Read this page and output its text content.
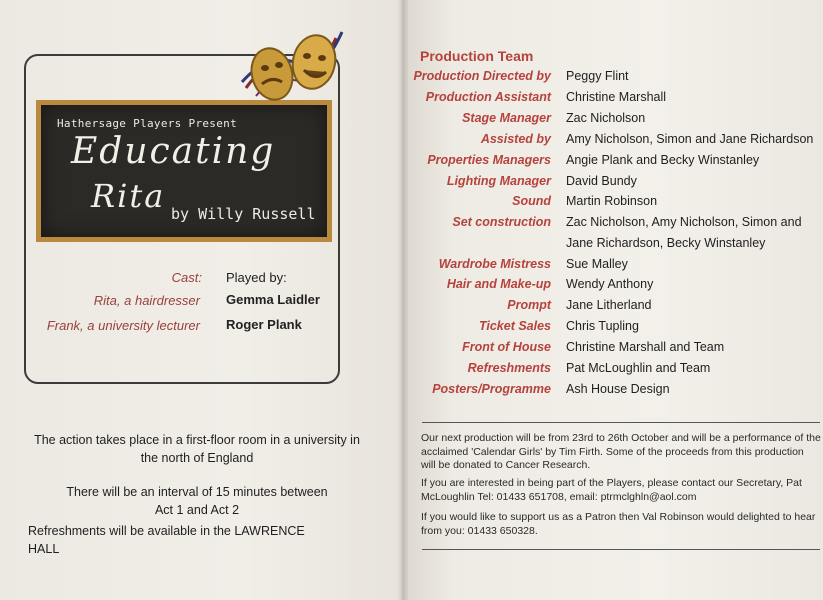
Hathersage Players Present
Educating
Rita by Willy Russell
Cast: Played by:
Rita, a hairdresser Gemma Laidler
Frank, a university lecturer Roger Plank
The action takes place in a first-floor room in a university in
the north of England
There will be an interval of 15 minutes between
Act 1 and Act 2
Refreshments will be available in the LAWRENCE HALL
Production Team
Production Directed by Peggy Flint
Production Assistant Christine Marshall
Stage Manager Zac Nicholson
Assisted by Amy Nicholson, Simon and Jane Richardson
Properties Managers Angie Plank and Becky Winstanley
Lighting Manager David Bundy
Sound Martin Robinson
Set construction Zac Nicholson, Amy Nicholson, Simon and Jane Richardson, Becky Winstanley
Wardrobe Mistress Sue Malley
Hair and Make-up Wendy Anthony
Prompt Jane Litherland
Ticket Sales Chris Tupling
Front of House Christine Marshall and Team
Refreshments Pat McLoughlin and Team
Posters/Programme Ash House Design
Our next production will be from 23rd to 26th October and will be a performance of the acclaimed 'Calendar Girls' by Tim Firth. Some of the proceeds from this production will be donated to Cancer Research.
If you are interested in being part of the Players, please contact our Secretary, Pat McLoughlin Tel: 01433 651708, email: ptrmclghln@aol.com
If you would like to support us as a Patron then Val Robinson would delighted to hear from you: 01433 650328.
